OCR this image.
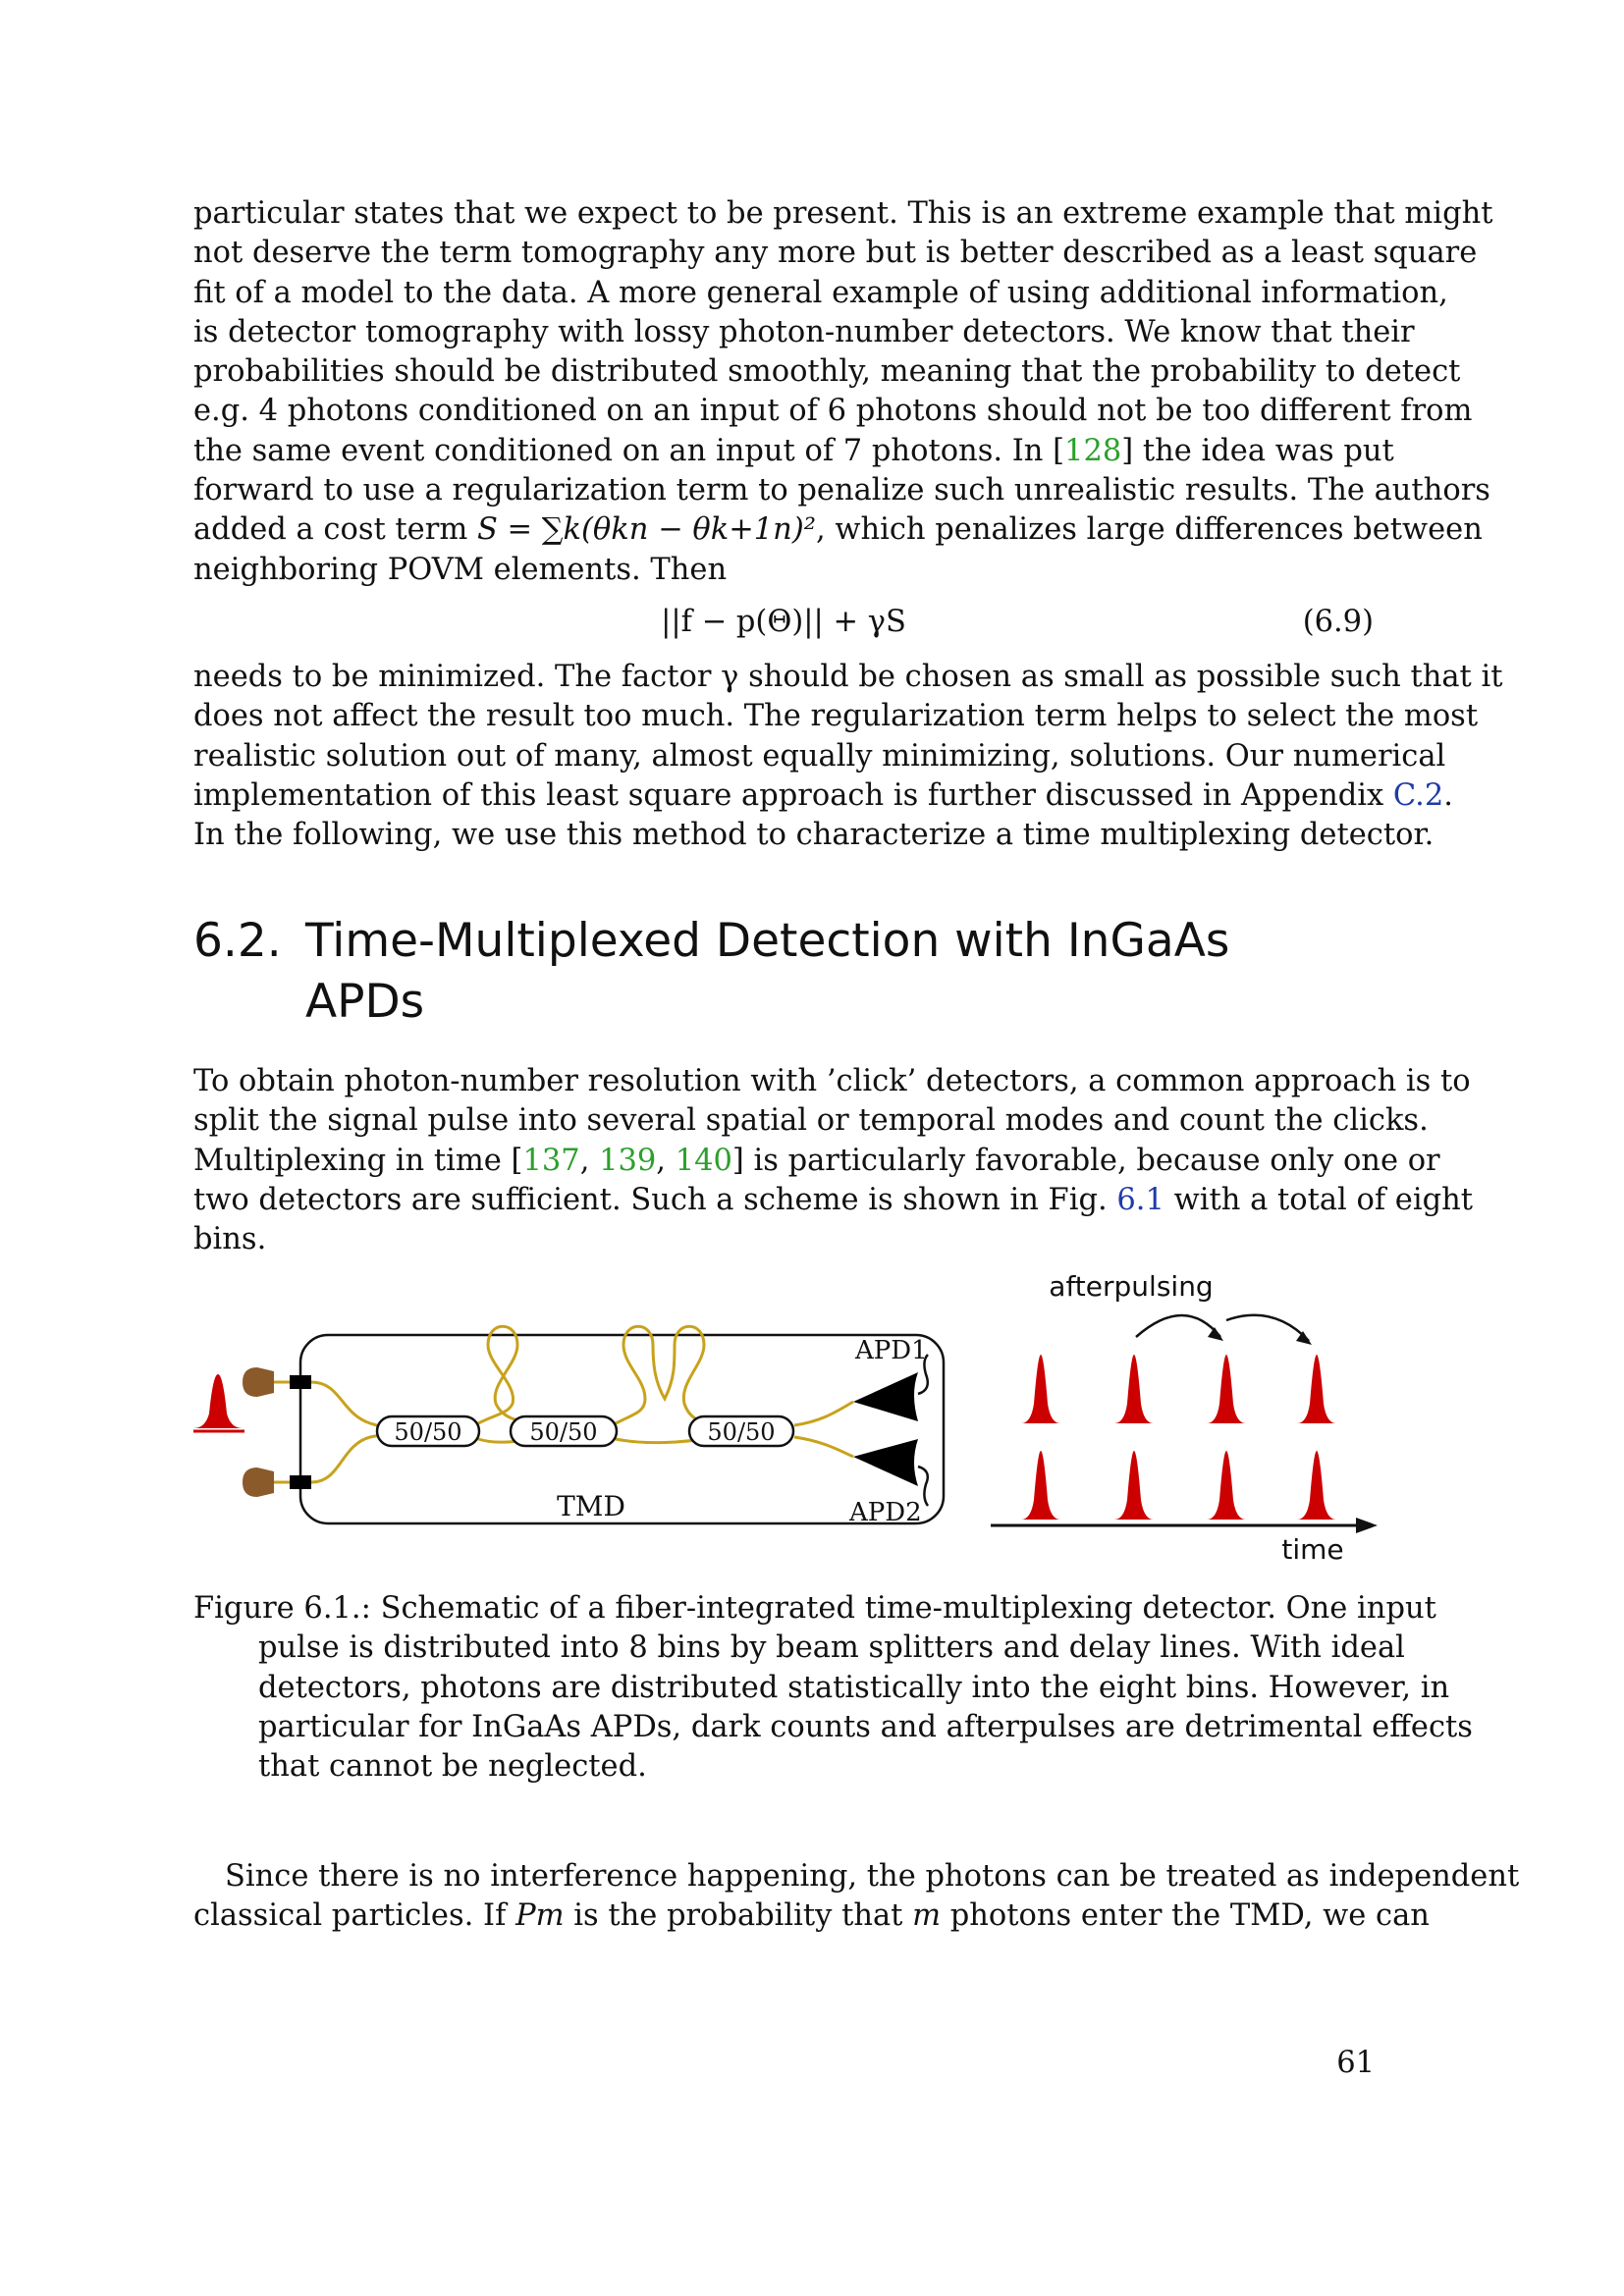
particular states that we expect to be present. This is an extreme example that might
not deserve the term tomography any more but is better described as a least square
fit of a model to the data. A more general example of using additional information,
is detector tomography with lossy photon-number detectors. We know that their
probabilities should be distributed smoothly, meaning that the probability to detect
e.g. 4 photons conditioned on an input of 6 photons should not be too different from
the same event conditioned on an input of 7 photons. In [128] the idea was put
forward to use a regularization term to penalize such unrealistic results. The authors
added a cost term S = ∑k(θkn − θk+1n)², which penalizes large differences between
neighboring POVM elements. Then
||f − p(Θ)|| + γS	(6.9)
needs to be minimized. The factor γ should be chosen as small as possible such that it
does not affect the result too much. The regularization term helps to select the most
realistic solution out of many, almost equally minimizing, solutions. Our numerical
implementation of this least square approach is further discussed in Appendix C.2.
In the following, we use this method to characterize a time multiplexing detector.
6.2. Time-Multiplexed Detection with InGaAs
APDs
To obtain photon-number resolution with ’click’ detectors, a common approach is to
split the signal pulse into several spatial or temporal modes and count the clicks.
Multiplexing in time [137, 139, 140] is particularly favorable, because only one or
two detectors are sufficient. Such a scheme is shown in Fig. 6.1 with a total of eight
bins.
50/50	50/50	50/50
APD1
APD2
TMD
afterpulsing
time
Figure 6.1.: Schematic of a fiber-integrated time-multiplexing detector. One input
pulse is distributed into 8 bins by beam splitters and delay lines. With ideal
detectors, photons are distributed statistically into the eight bins. However, in
particular for InGaAs APDs, dark counts and afterpulses are detrimental effects
that cannot be neglected.
Since there is no interference happening, the photons can be treated as independent
classical particles. If Pm is the probability that m photons enter the TMD, we can
61
